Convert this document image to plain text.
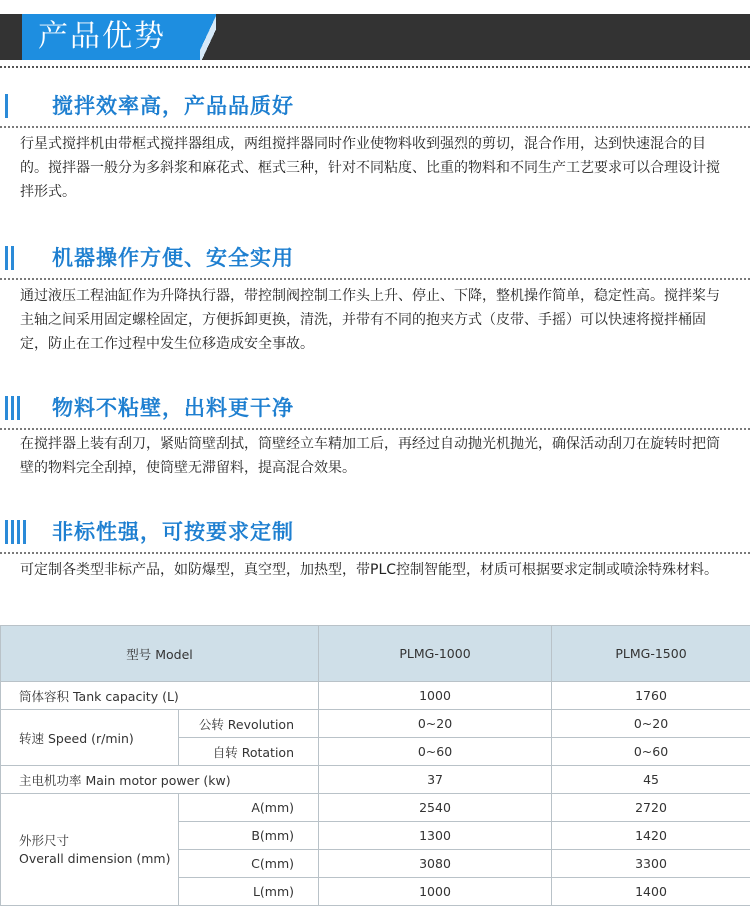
产品优势
搅拌效率高，产品品质好
行星式搅拌机由带框式搅拌器组成，两组搅拌器同时作业使物料收到强烈的剪切，混合作用，达到快速混合的目的。搅拌器一般分为多斜浆和麻花式、框式三种，针对不同粘度、比重的物料和不同生产工艺要求可以合理设计搅拌形式。
机器操作方便、安全实用
通过液压工程油缸作为升降执行器，带控制阀控制工作头上升、停止、下降，整机操作简单，稳定性高。搅拌桨与主轴之间采用固定螺栓固定，方便拆卸更换，清洗，并带有不同的抱夹方式（皮带、手摇）可以快速将搅拌桶固定，防止在工作过程中发生位移造成安全事故。
物料不粘壁，出料更干净
在搅拌器上装有刮刀，紧贴筒壁刮拭，筒壁经立车精加工后，再经过自动抛光机抛光，确保活动刮刀在旋转时把筒壁的物料完全刮掉，使筒壁无滞留料，提高混合效果。
非标性强，可按要求定制
可定制各类型非标产品，如防爆型，真空型，加热型，带PLC控制智能型，材质可根据要求定制或喷涂特殊材料。
型号 Model		PLMG-1000	PLMG-1500
筒体容积 Tank capacity (L)		1000	1760
转速 Speed (r/min)	公转 Revolution	0~20	0~20
	自转 Rotation	0~60	0~60
主电机功率 Main motor power (kw)		37	45

外形尺寸
Overall dimension (mm)	A(mm)	2540	2720
	B(mm)	1300	1420
	C(mm)	3080	3300
	L(mm)	1000	1400
